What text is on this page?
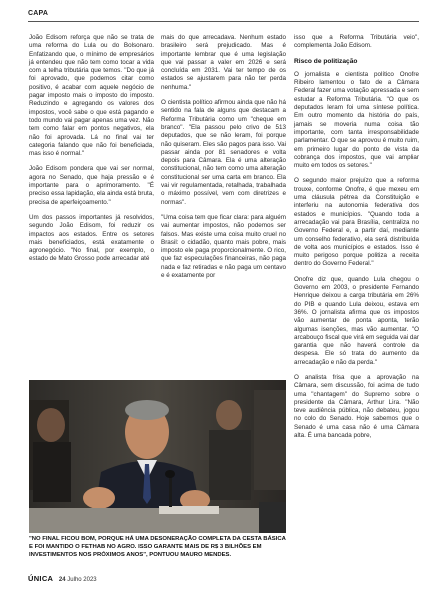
CAPA

João Edisom reforça que não se trata de uma reforma do Lula ou do Bolsonaro. Enfatizando que, o mínimo de empresários já entendeu que não tem como tocar a vida com a telha tributária que temos. "Do que já foi aprovado, que podemos citar como positivo, é acabar com aquele negócio de pagar imposto mais o imposto do imposto. Reduzindo e agregando os valores dos impostos, você sabe o que está pagando e todo mundo vai pagar apenas uma vez. Não tem como falar em pontos negativos, ela não foi aprovada. Lá no final vai ter categoria falando que não foi beneficiada, mas isso é normal."

João Edisom pondera que vai ser normal, agora no Senado, que haja pressão e é importante para o aprimoramento. "É preciso essa lapidação, ela ainda está bruta, precisa de aperfeiçoamento."

Um dos passos importantes já resolvidos, segundo João Edisom, foi reduzir os impactos aos estados. Entre os setores mais beneficiados, está exatamente o agronegócio. "No final, por exemplo, o estado de Mato Grosso pode arrecadar até

mais do que arrecadava. Nenhum estado brasileiro será prejudicado. Mas é importante lembrar que é uma legislação que vai passar a valer em 2026 e será concluída em 2031. Vai ter tempo de os estados se ajustarem para não ter perda nenhuma."

O cientista político afirmou ainda que não há sentido na fala de alguns que destacam a Reforma Tributária como um "cheque em branco". "Ela passou pelo crivo de 513 deputados, que se não leram, foi porque não quiseram. Eles são pagos para isso. Vai passar ainda por 81 senadores e volta depois para Câmara. Ela é uma alteração constitucional, não tem como uma alteração constitucional ser uma carta em branco. Ela vai vir regulamentada, retalhada, trabalhada o máximo possível, vem com diretrizes e normas".

"Uma coisa tem que ficar clara: para alguém vai aumentar impostos, não podemos ser falsos. Mas existe uma coisa muito cruel no Brasil: o cidadão, quanto mais pobre, mais imposto ele paga proporcionalmente. O rico, que faz especulações financeiras, não paga nada e faz retiradas e não paga um centavo e é exatamente por

isso que a Reforma Tributária veio", complementa João Edisom.

Risco de politização

O jornalista e cientista político Onofre Ribeiro lamentou o fato de a Câmara Federal fazer uma votação apressada e sem estudar a Reforma Tributária. "O que os deputados leram foi uma síntese política. Em outro momento da história do país, jamais se moveria numa coisa tão importante, com tanta irresponsabilidade parlamentar. O que se aprovou é muito ruim, em primeiro lugar do ponto de vista da cobrança dos impostos, que vai ampliar muito em todos os setores."

O segundo maior prejuízo que a reforma trouxe, conforme Onofre, é que mexeu em uma cláusula pétrea da Constituição e interferiu na autonomia federativa dos estados e municípios. "Quando toda a arrecadação vai para Brasília, centraliza no Governo Federal e, a partir daí, mediante um conselho federativo, ela será distribuída de volta aos municípios e estados. Isso é muito perigoso porque politiza a receita dentro do Governo Federal."

Onofre diz que, quando Lula chegou o Governo em 2003, o presidente Fernando Henrique deixou a carga tributária em 26% do PIB e quando Lula deixou, estava em 36%. O jornalista afirma que os impostos vão aumentar de ponta aponta, terão algumas isenções, mas vão aumentar. "O arcabouço fiscal que virá em seguida vai dar garantia que não haverá controle da despesa. Ele só trata do aumento da arrecadação e não da perda."

O analista frisa que a aprovação na Câmara, sem discussão, foi acima de tudo uma "chantagem" do Supremo sobre o presidente da Câmara, Arthur Lira. "Não teve audiência pública, não debateu, jogou no colo do Senado. Hoje sabemos que o Senado é uma casa não é uma Câmara alta. É uma bancada pobre,

"NO FINAL FICOU BOM, PORQUE HÁ UMA DESONERAÇÃO COMPLETA DA CESTA BÁSICA E FOI MANTIDO O FETHAB NO AGRO. ISSO GARANTE MAIS DE R$ 3 BILHÕES EM INVESTIMENTOS NOS PRÓXIMOS ANOS", PONTUOU MAURO MENDES.
ÚNICA 24 Julho 2023
